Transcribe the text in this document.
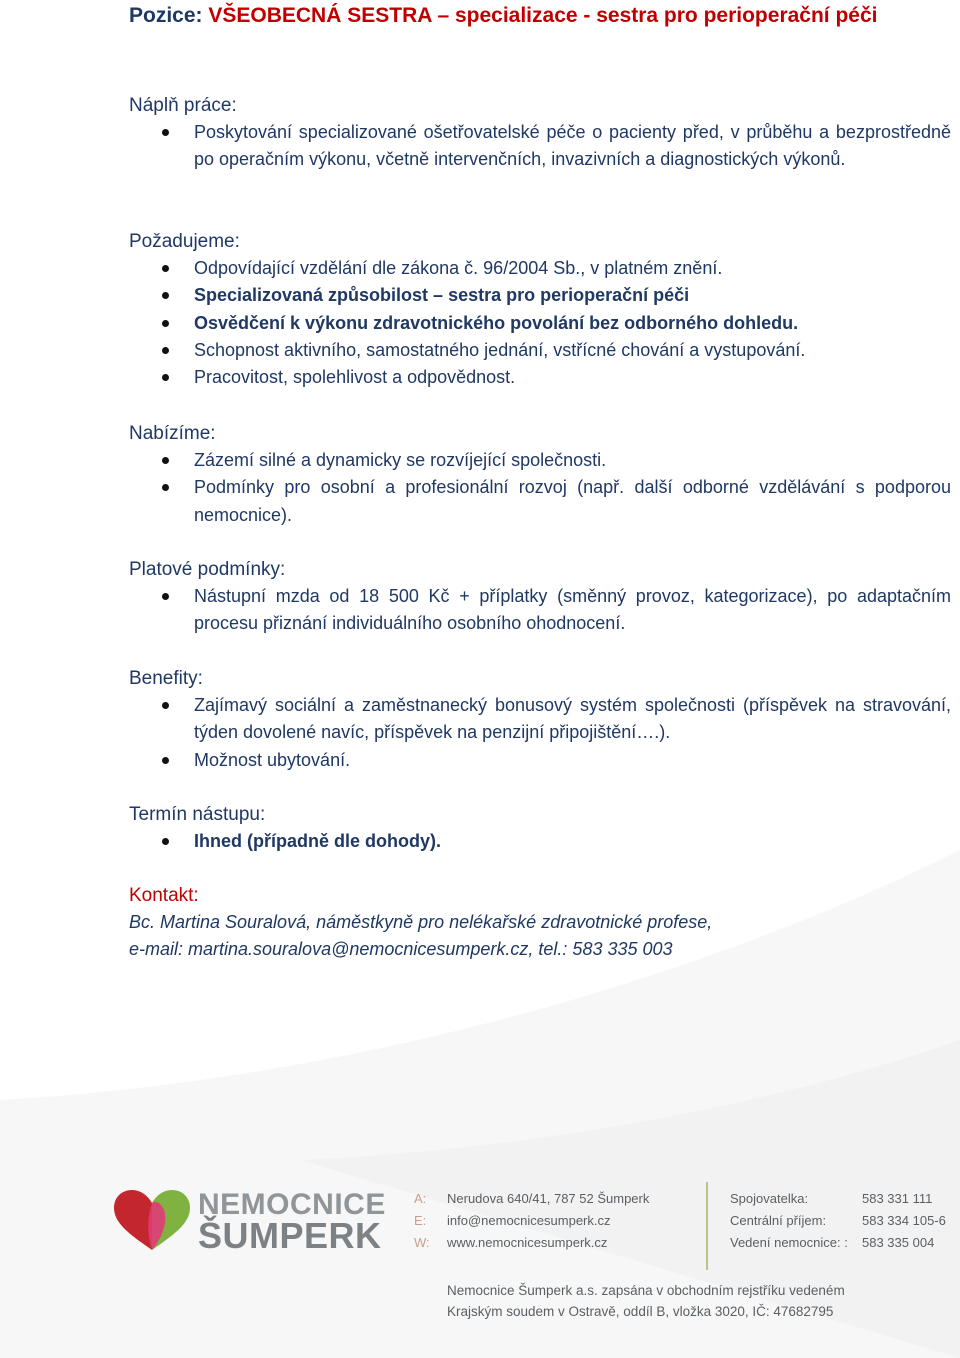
Pozice: VŠEOBECNÁ SESTRA – specializace - sestra pro perioperační péči
Náplň práce:
Poskytování specializované ošetřovatelské péče o pacienty před, v průběhu a bezprostředně po operačním výkonu, včetně intervenčních, invazivních a diagnostických výkonů.
Požadujeme:
Odpovídající vzdělání dle zákona č. 96/2004 Sb., v platném znění.
Specializovaná způsobilost – sestra pro perioperační péči
Osvědčení k výkonu zdravotnického povolání bez odborného dohledu.
Schopnost aktivního, samostatného jednání, vstřícné chování a vystupování.
Pracovitost, spolehlivost a odpovědnost.
Nabízíme:
Zázemí silné a dynamicky se rozvíjející společnosti.
Podmínky pro osobní a profesionální rozvoj (např. další odborné vzdělávání s podporou nemocnice).
Platové podmínky:
Nástupní mzda od 18 500 Kč + příplatky (směnný provoz, kategorizace), po adaptačním procesu přiznání individuálního osobního ohodnocení.
Benefity:
Zajímavý sociální a zaměstnanecký bonusový systém společnosti (příspěvek na stravování, týden dovolené navíc, příspěvek na penzijní připojištění….).
Možnost ubytování.
Termín nástupu:
Ihned (případně dle dohody).
Kontakt:
Bc. Martina Souralová, náměstkyně pro nelékařské zdravotnické profese,
e-mail: martina.souralova@nemocnicesumperk.cz, tel.: 583 335 003
NEMOCNICE
ŠUMPERK
A:
E:
W:
Nerudova 640/41, 787 52 Šumperk
info@nemocnicesumperk.cz
www.nemocnicesumperk.cz
Spojovatelka:
Centrální příjem:
Vedení nemocnice: :
583 331 111
583 334 105-6
583 335 004
Nemocnice Šumperk a.s. zapsána v obchodním rejstříku vedeném
Krajským soudem v Ostravě, oddíl B, vložka 3020, IČ: 47682795
